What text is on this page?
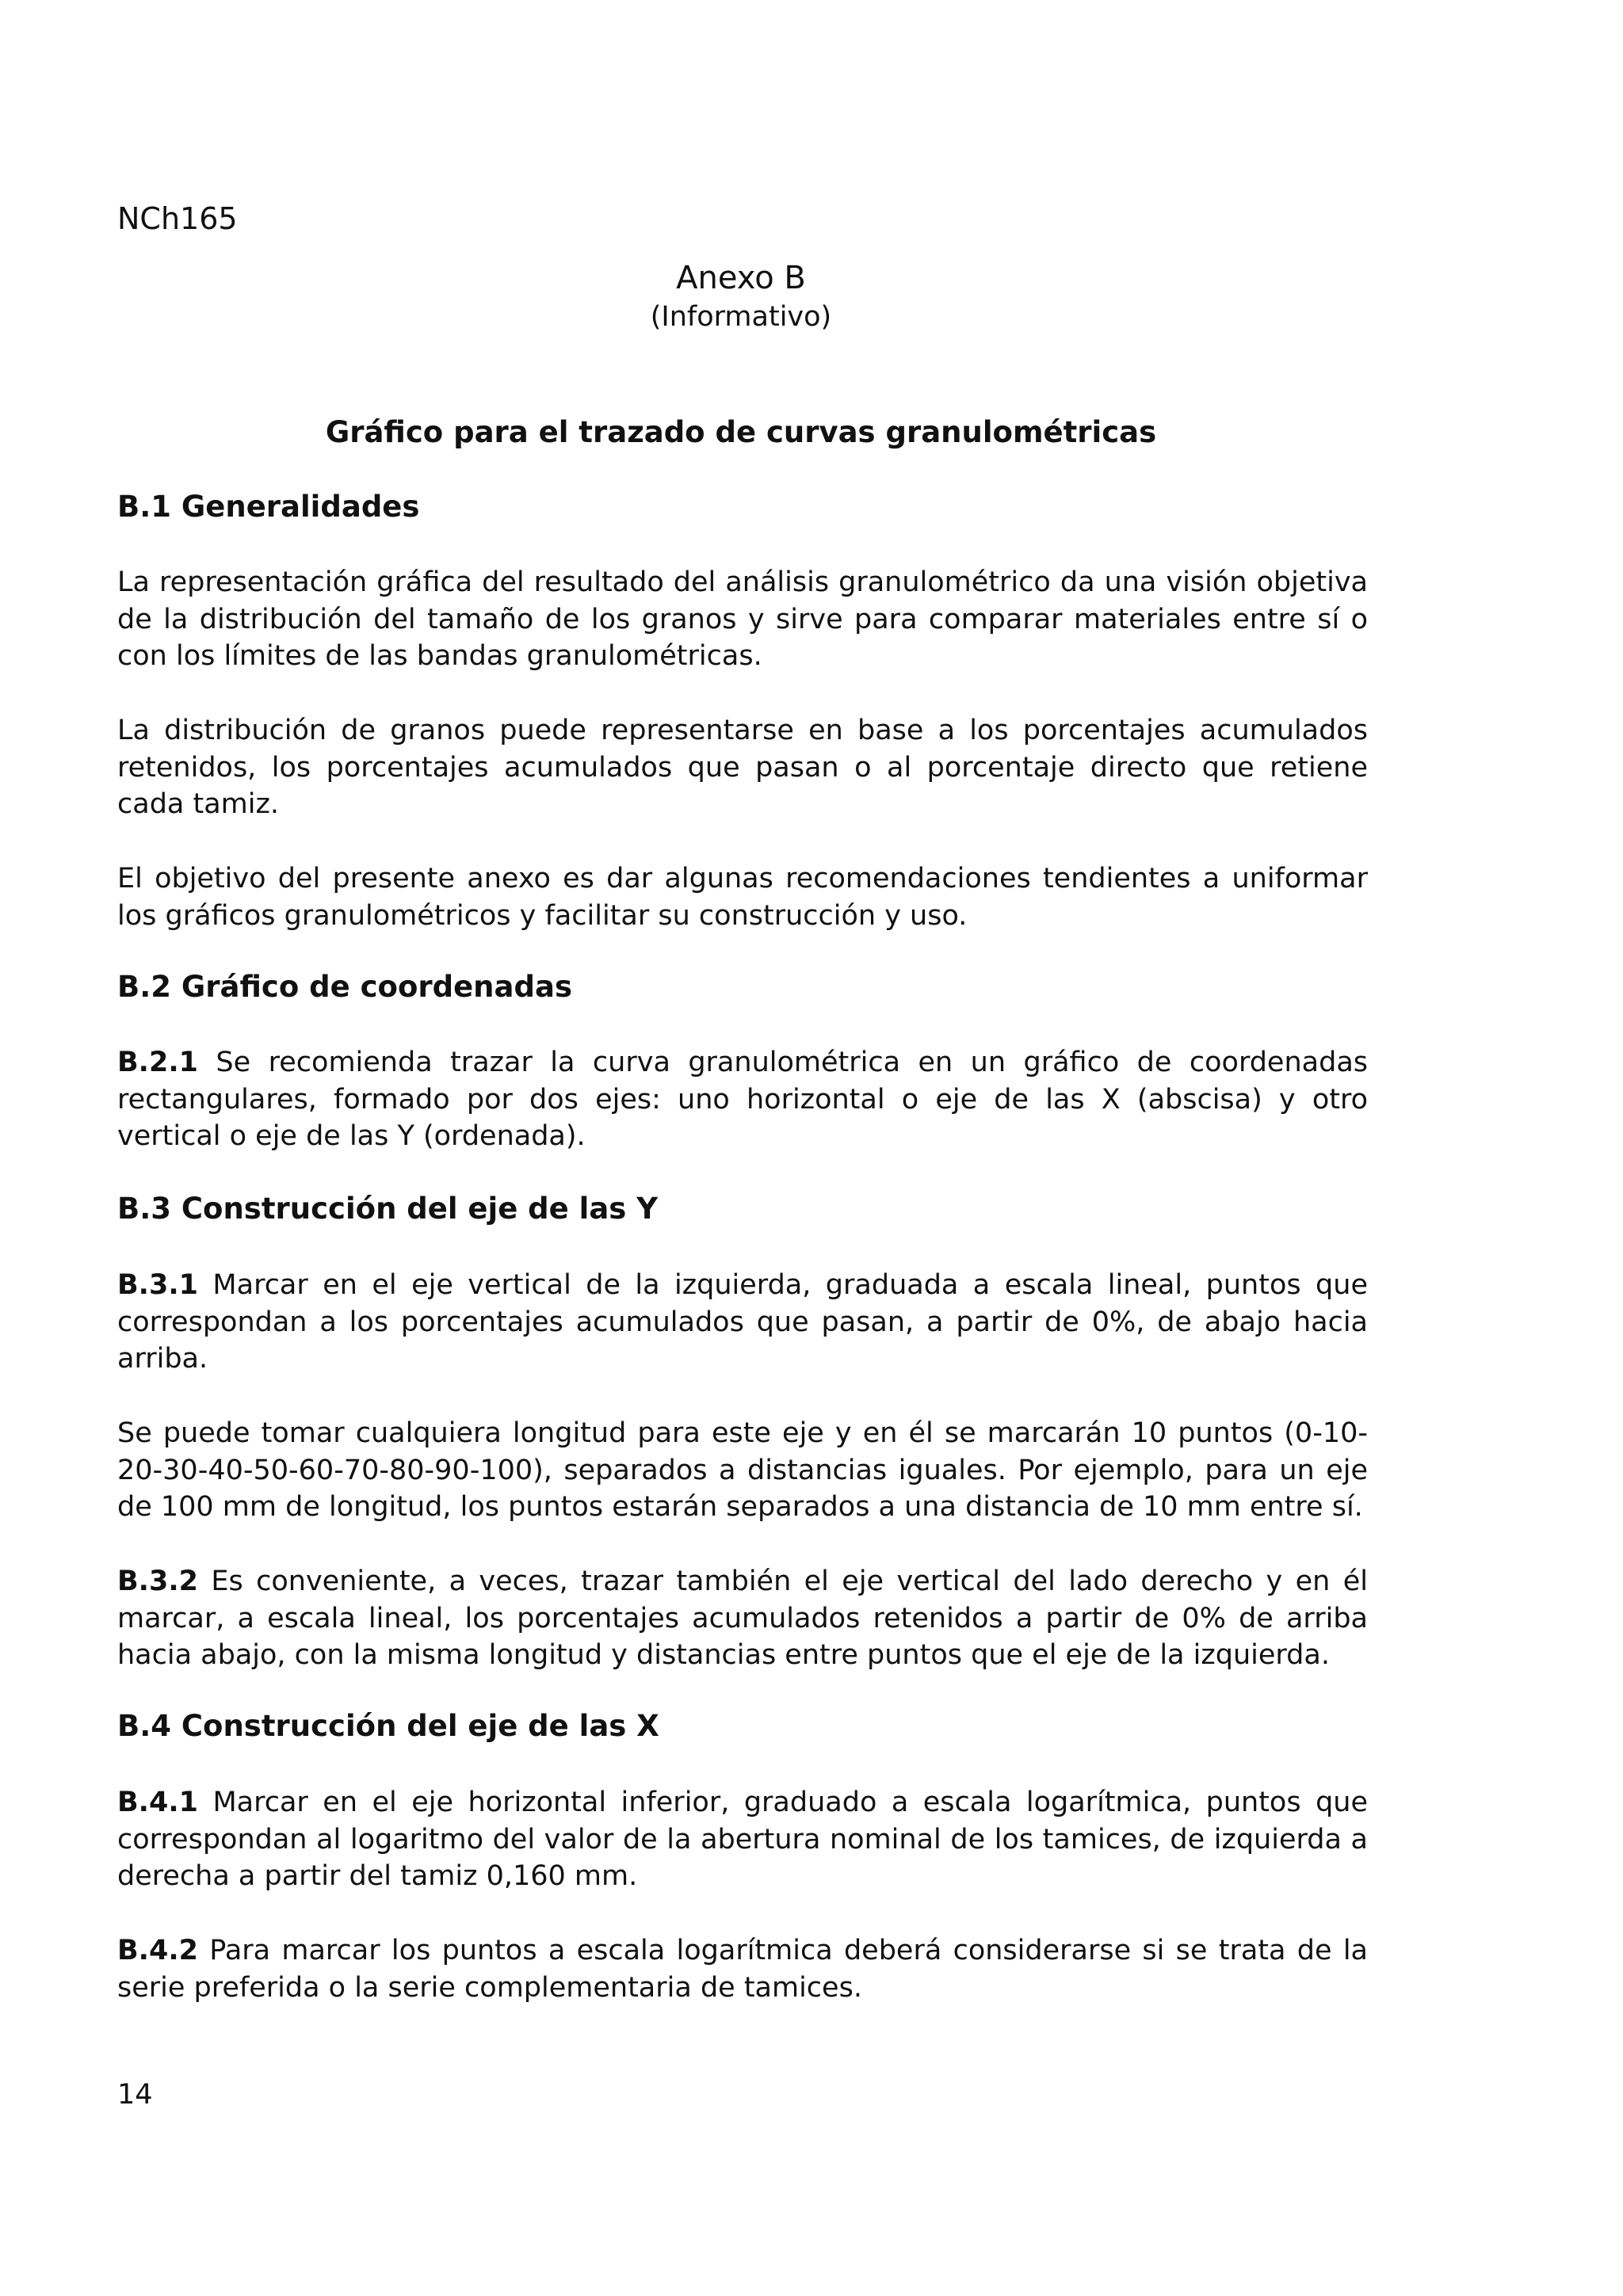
NCh165

Anexo B

(Informativo)

Gráfico para el trazado de curvas granulométricas
B.1 Generalidades

La representación gráfica del resultado del análisis granulométrico da una visión objetiva de la distribución del tamaño de los granos y sirve para comparar materiales entre sí o con los límites de las bandas granulométricas.

La distribución de granos puede representarse en base a los porcentajes acumulados retenidos, los porcentajes acumulados que pasan o al porcentaje directo que retiene cada tamiz.

El objetivo del presente anexo es dar algunas recomendaciones tendientes a uniformar los gráficos granulométricos y facilitar su construcción y uso.

B.2 Gráfico de coordenadas

B.2.1 Se recomienda trazar la curva granulométrica en un gráfico de coordenadas rectangulares, formado por dos ejes: uno horizontal o eje de las X (abscisa) y otro vertical o eje de las Y (ordenada).

B.3 Construcción del eje de las Y

B.3.1 Marcar en el eje vertical de la izquierda, graduada a escala lineal, puntos que correspondan a los porcentajes acumulados que pasan, a partir de 0%, de abajo hacia arriba.

Se puede tomar cualquiera longitud para este eje y en él se marcarán 10 puntos (0-10-20-30-40-50-60-70-80-90-100), separados a distancias iguales. Por ejemplo, para un eje de 100 mm de longitud, los puntos estarán separados a una distancia de 10 mm entre sí.

B.3.2 Es conveniente, a veces, trazar también el eje vertical del lado derecho y en él marcar, a escala lineal, los porcentajes acumulados retenidos a partir de 0% de arriba hacia abajo, con la misma longitud y distancias entre puntos que el eje de la izquierda.

B.4 Construcción del eje de las X

B.4.1 Marcar en el eje horizontal inferior, graduado a escala logarítmica, puntos que correspondan al logaritmo del valor de la abertura nominal de los tamices, de izquierda a derecha a partir del tamiz 0,160 mm.

B.4.2 Para marcar los puntos a escala logarítmica deberá considerarse si se trata de la serie preferida o la serie complementaria de tamices.

14
